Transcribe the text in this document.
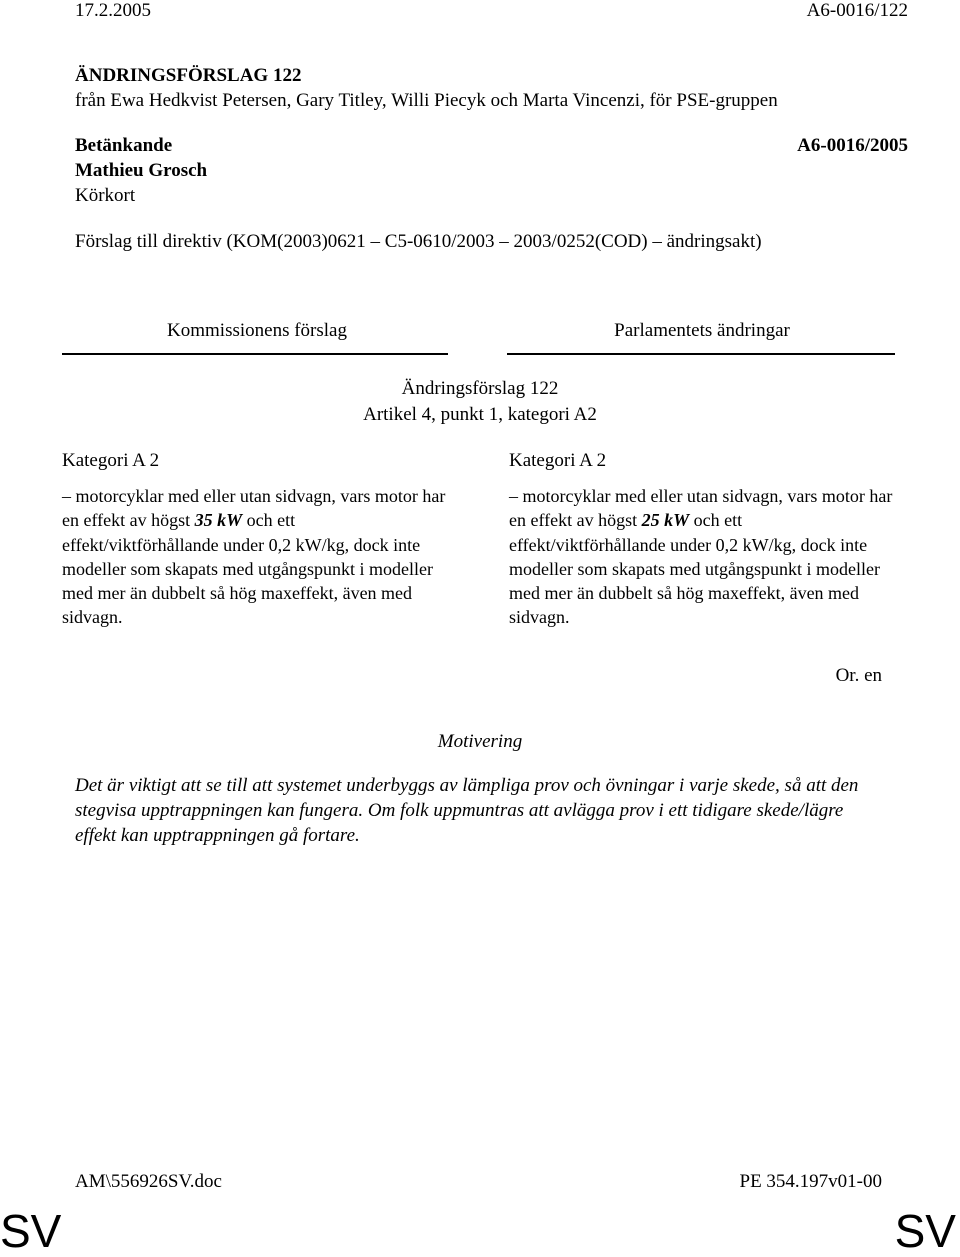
17.2.2005	A6-0016/122
ÄNDRINGSFÖRSLAG 122
från Ewa Hedkvist Petersen, Gary Titley, Willi Piecyk och Marta Vincenzi, för PSE-gruppen
Betänkande	A6-0016/2005
Mathieu Grosch
Körkort
Förslag till direktiv (KOM(2003)0621 – C5-0610/2003 – 2003/0252(COD) – ändringsakt)
Kommissionens förslag	Parlamentets ändringar
Ändringsförslag 122
Artikel 4, punkt 1, kategori A2
Kategori A 2

– motorcyklar med eller utan sidvagn, vars motor har en effekt av högst 35 kW och ett effekt/viktförhållande under 0,2 kW/kg, dock inte modeller som skapats med utgångspunkt i modeller med mer än dubbelt så hög maxeffekt, även med sidvagn.

Kategori A 2

– motorcyklar med eller utan sidvagn, vars motor har en effekt av högst 25 kW och ett effekt/viktförhållande under 0,2 kW/kg, dock inte modeller som skapats med utgångspunkt i modeller med mer än dubbelt så hög maxeffekt, även med sidvagn.

Or. en
Motivering

Det är viktigt att se till att systemet underbyggs av lämpliga prov och övningar i varje skede, så att den stegvisa upptrappningen kan fungera. Om folk uppmuntras att avlägga prov i ett tidigare skede/lägre effekt kan upptrappningen gå fortare.

AM\556926SV.doc	PE 354.197v01-00
SV	SV
